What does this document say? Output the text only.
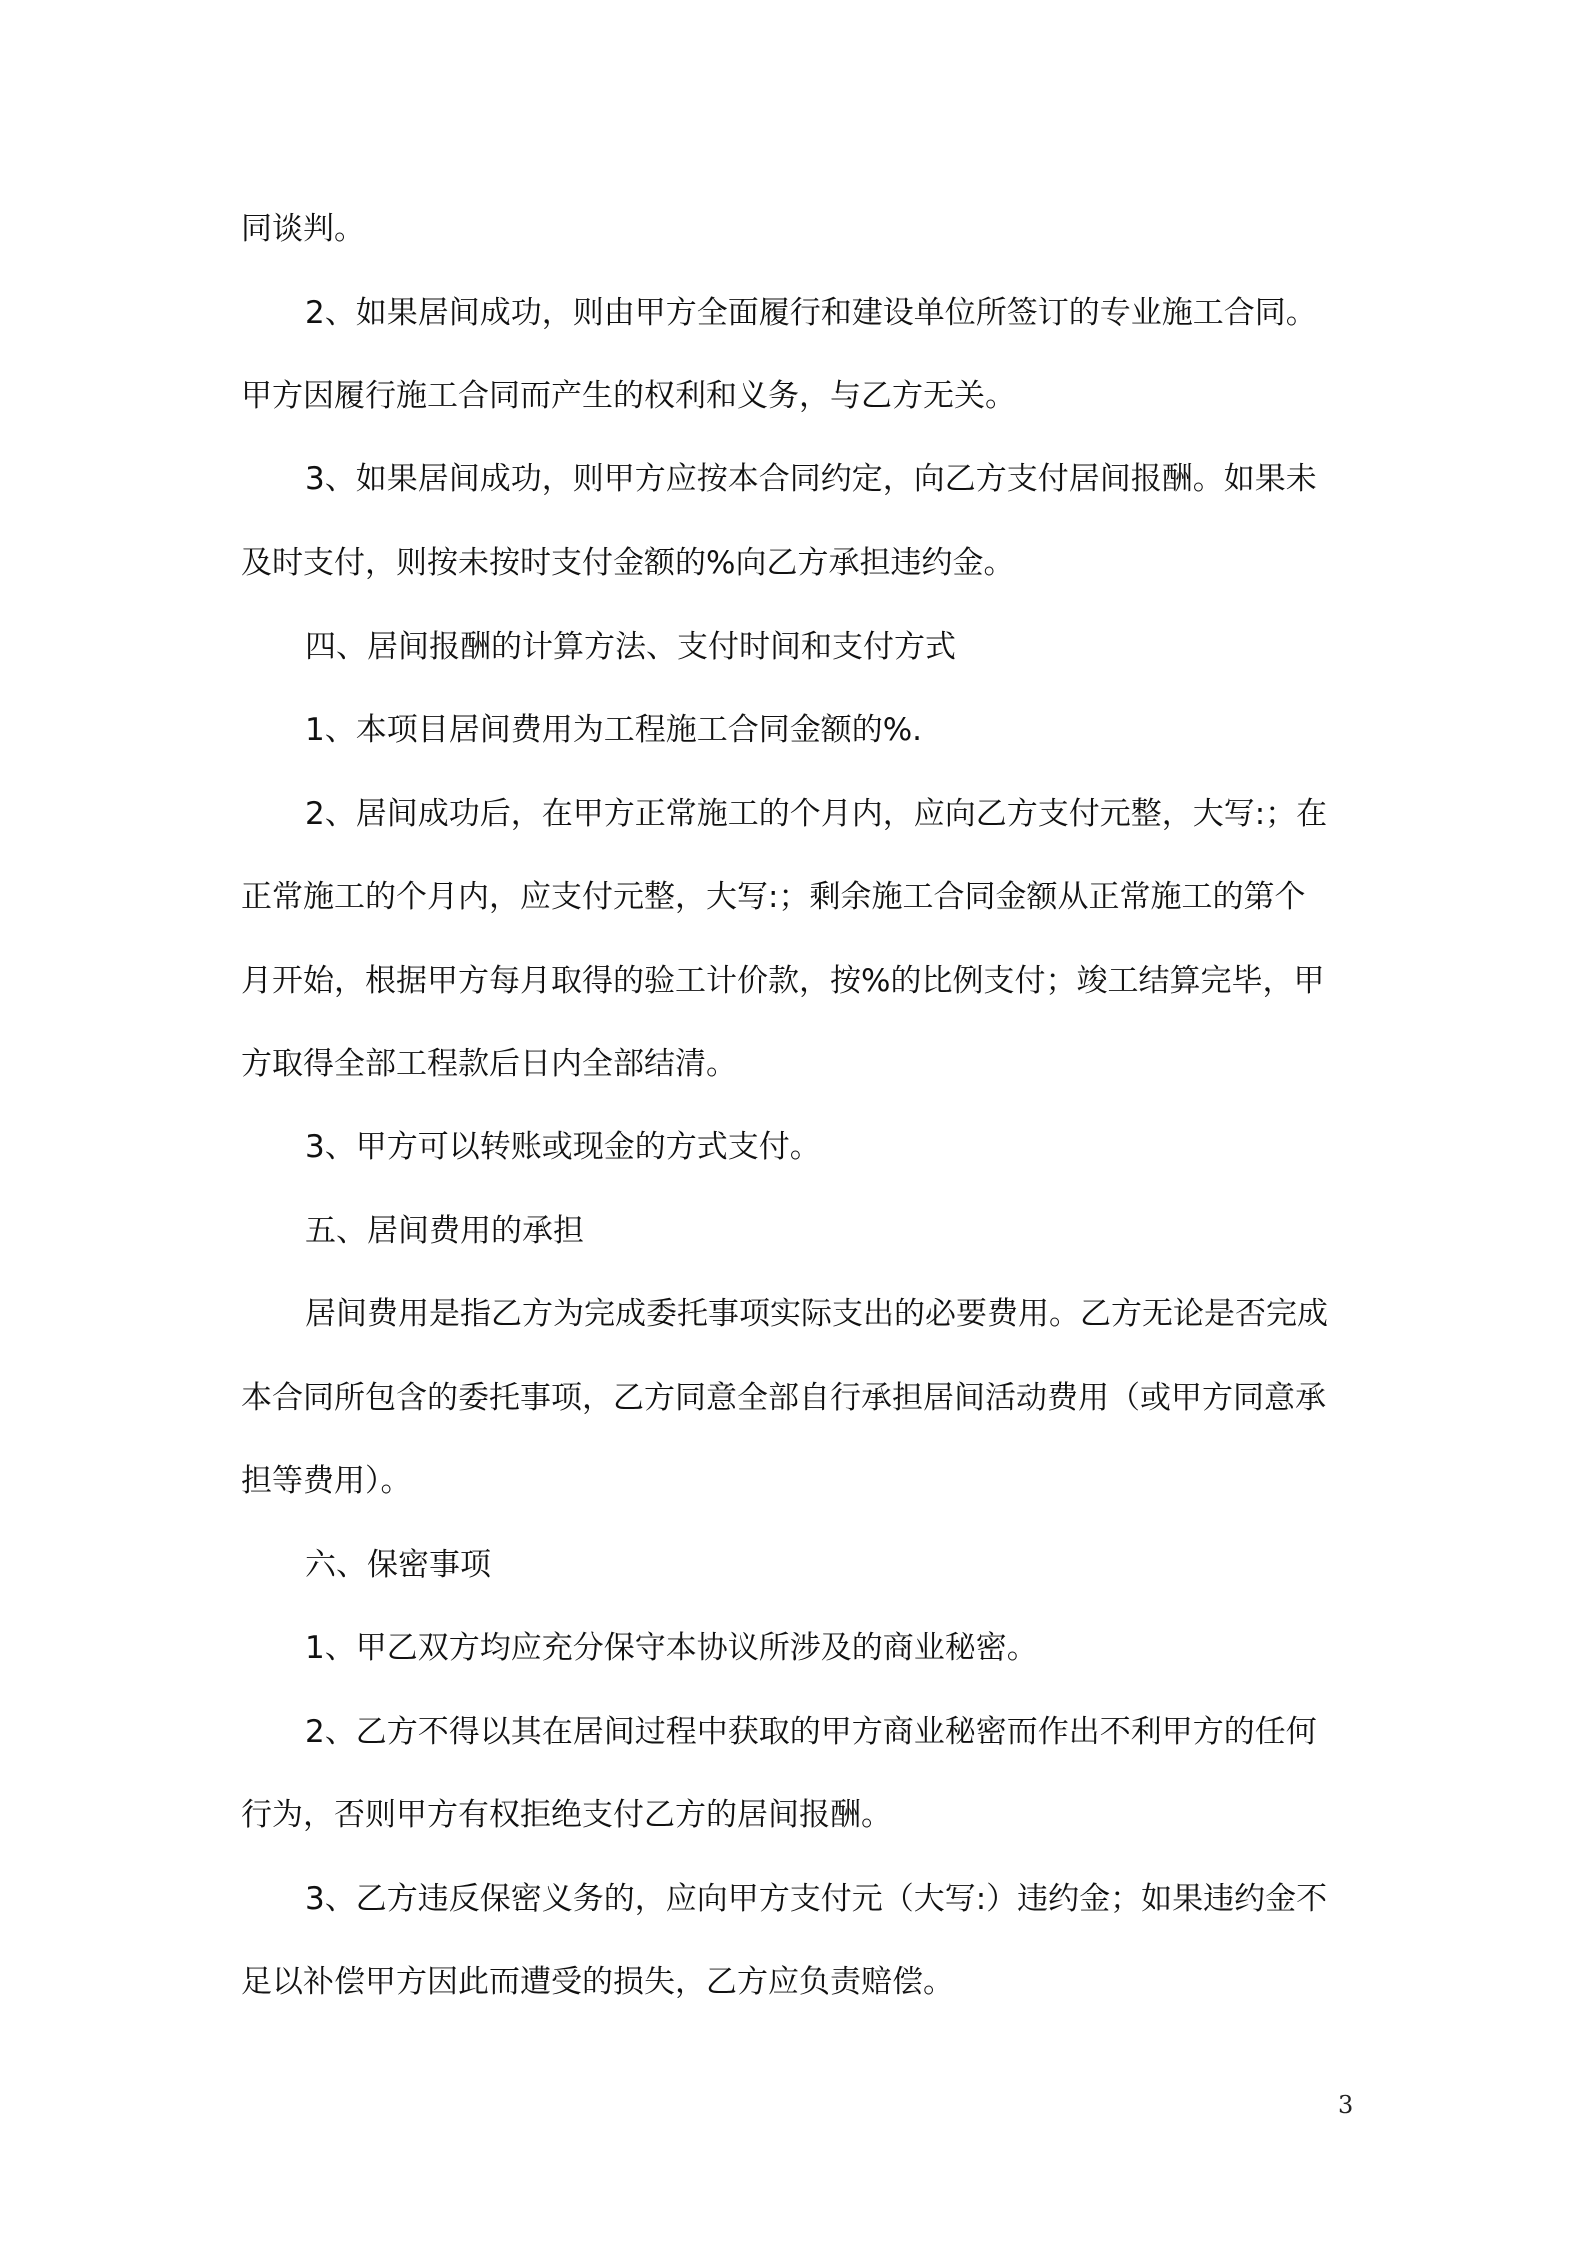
同谈判。
2、如果居间成功，则由甲方全面履行和建设单位所签订的专业施工合同。
甲方因履行施工合同而产生的权利和义务，与乙方无关。
3、如果居间成功，则甲方应按本合同约定，向乙方支付居间报酬。如果未
及时支付，则按未按时支付金额的%向乙方承担违约金。
四、居间报酬的计算方法、支付时间和支付方式
1、本项目居间费用为工程施工合同金额的%.
2、居间成功后，在甲方正常施工的个月内，应向乙方支付元整，大写:；在
正常施工的个月内，应支付元整，大写:；剩余施工合同金额从正常施工的第个
月开始，根据甲方每月取得的验工计价款，按%的比例支付；竣工结算完毕，甲
方取得全部工程款后日内全部结清。
3、甲方可以转账或现金的方式支付。
五、居间费用的承担
居间费用是指乙方为完成委托事项实际支出的必要费用。乙方无论是否完成
本合同所包含的委托事项，乙方同意全部自行承担居间活动费用（或甲方同意承
担等费用）。
六、保密事项
1、甲乙双方均应充分保守本协议所涉及的商业秘密。
2、乙方不得以其在居间过程中获取的甲方商业秘密而作出不利甲方的任何
行为，否则甲方有权拒绝支付乙方的居间报酬。
3、乙方违反保密义务的，应向甲方支付元（大写:）违约金；如果违约金不
足以补偿甲方因此而遭受的损失，乙方应负责赔偿。
3
